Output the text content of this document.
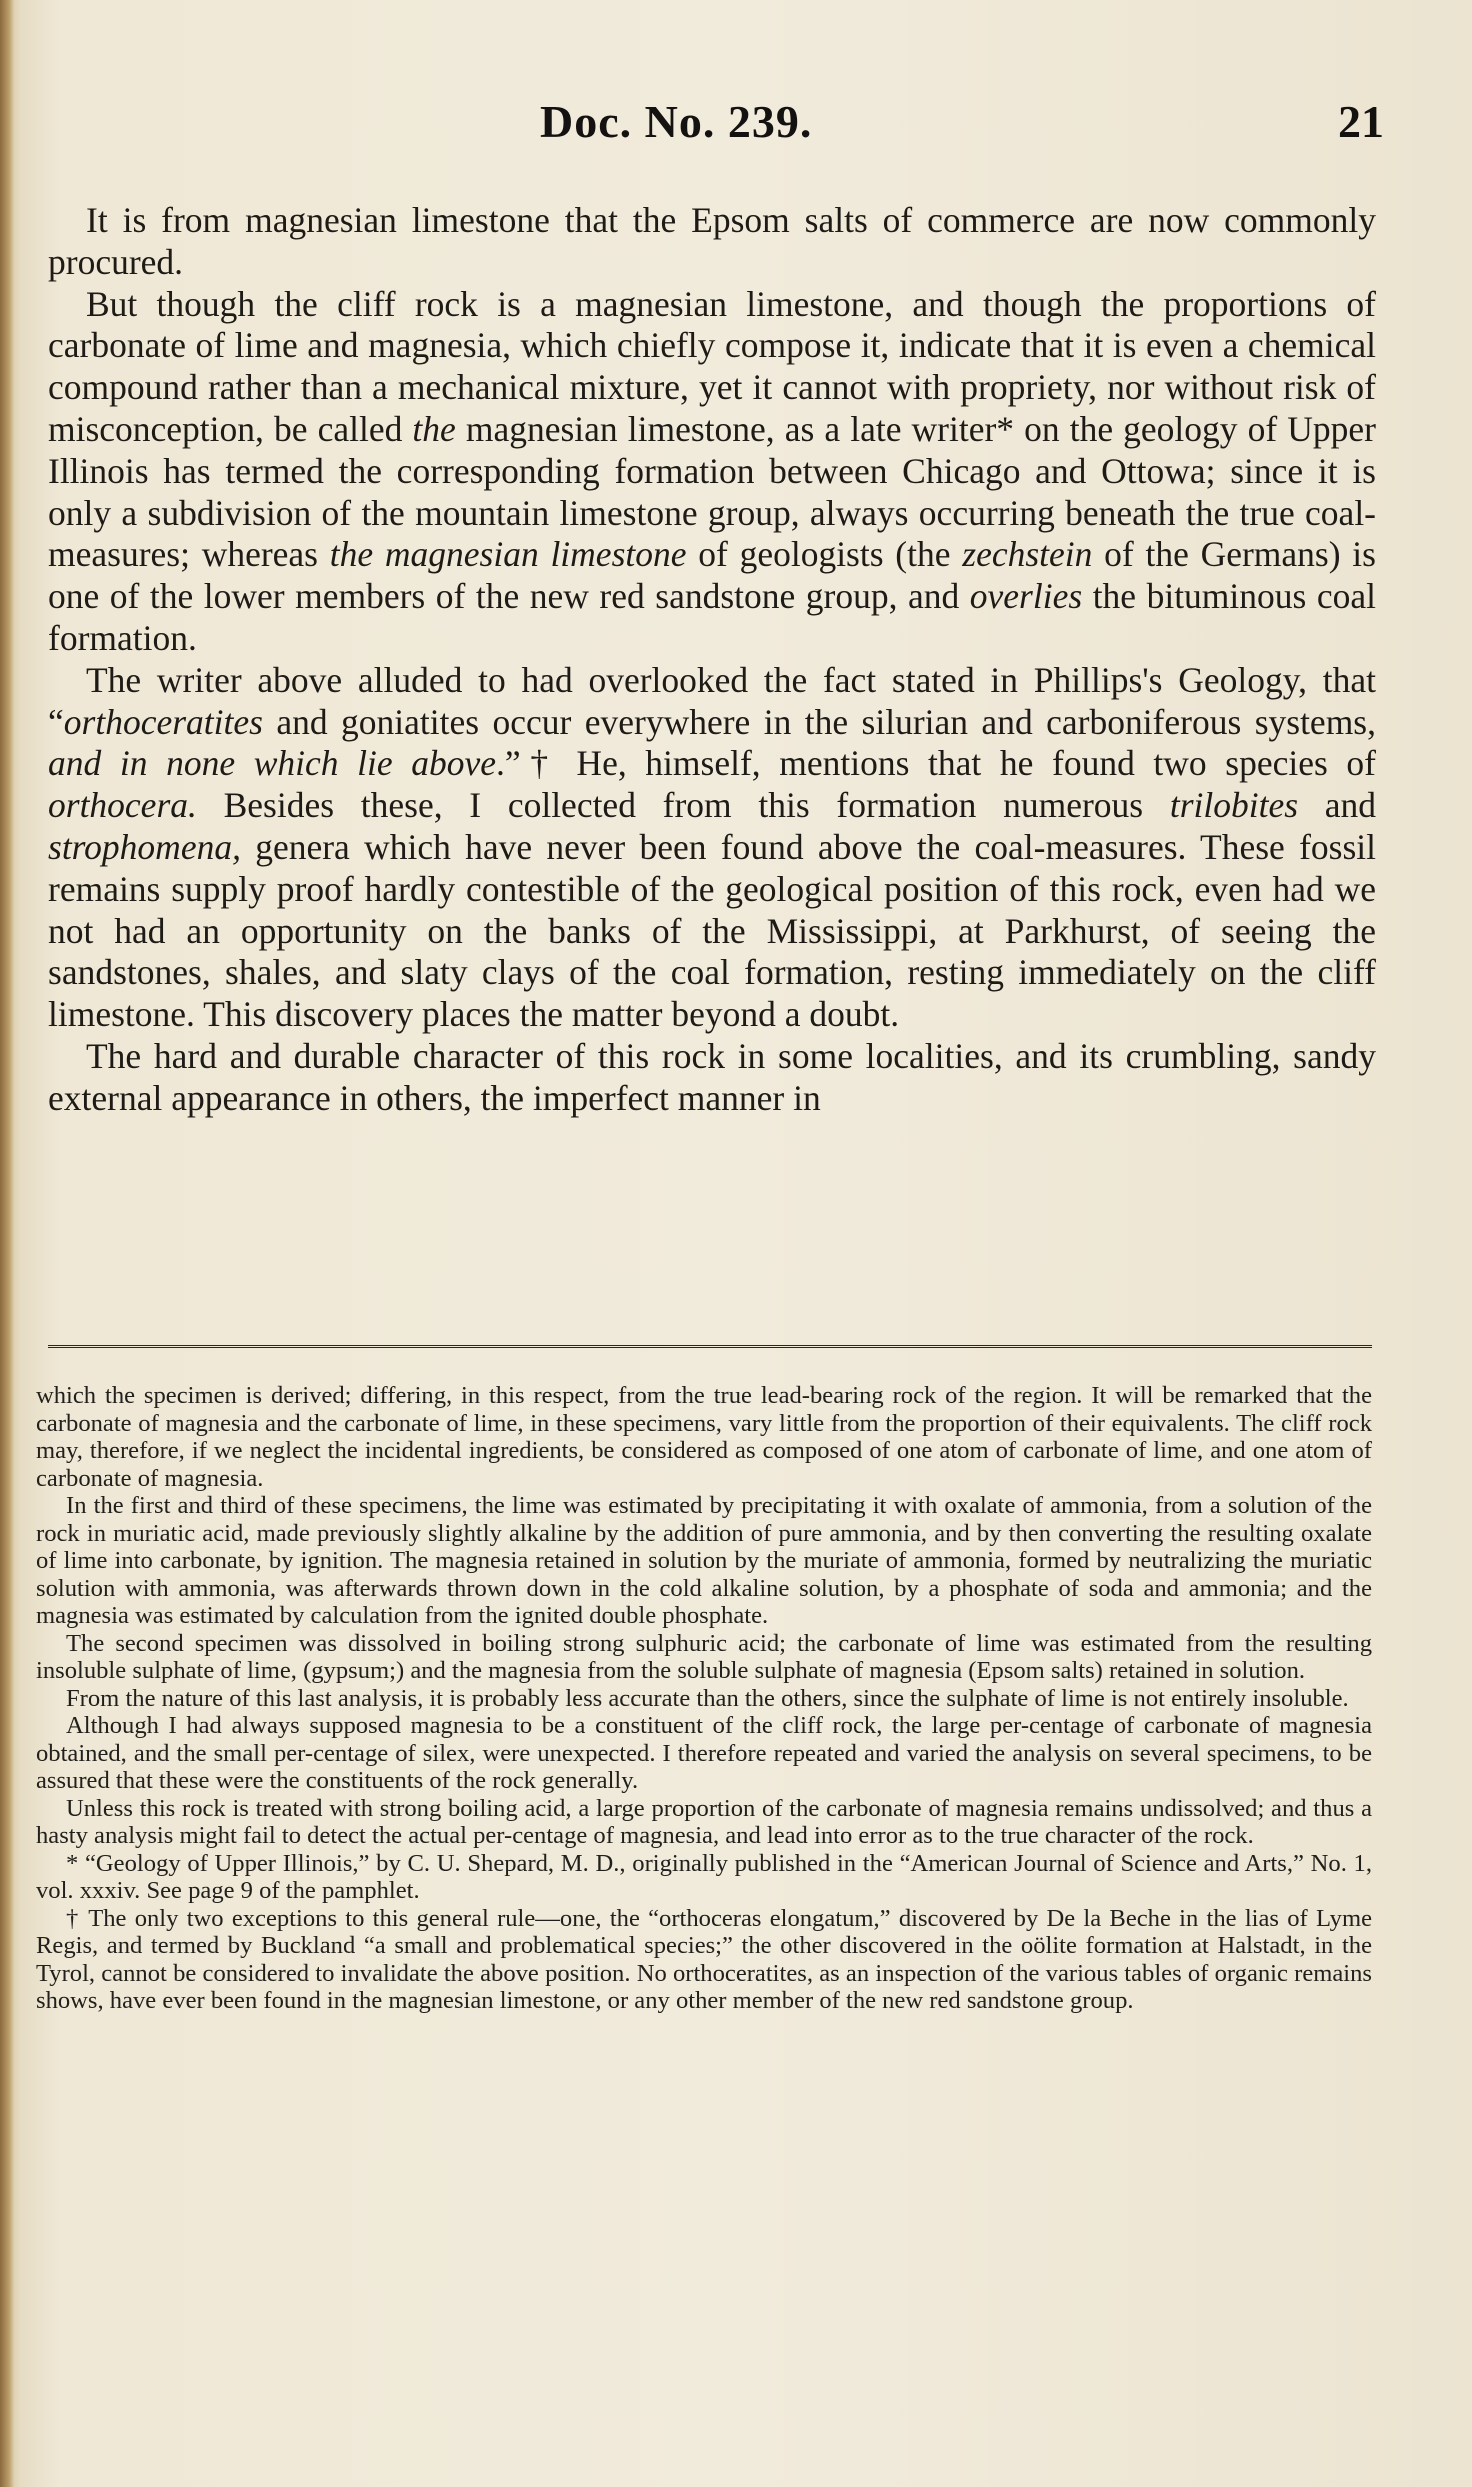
Doc. No. 239.	21

It is from magnesian limestone that the Epsom salts of commerce are now commonly procured.

But though the cliff rock is a magnesian limestone, and though the proportions of carbonate of lime and magnesia, which chiefly compose it, indicate that it is even a chemical compound rather than a mechanical mixture, yet it cannot with propriety, nor without risk of misconception, be called the magnesian limestone, as a late writer* on the geology of Upper Illinois has termed the corresponding formation between Chicago and Ottowa; since it is only a subdivision of the mountain limestone group, always occurring beneath the true coal-measures; whereas the magnesian limestone of geologists (the zechstein of the Germans) is one of the lower members of the new red sandstone group, and overlies the bituminous coal formation.

The writer above alluded to had overlooked the fact stated in Phillips's Geology, that “orthoceratites and goniatites occur everywhere in the silurian and carboniferous systems, and in none which lie above.”† He, himself, mentions that he found two species of orthocera. Besides these, I collected from this formation numerous trilobites and strophomena, genera which have never been found above the coal-measures. These fossil remains supply proof hardly contestible of the geological position of this rock, even had we not had an opportunity on the banks of the Mississippi, at Parkhurst, of seeing the sandstones, shales, and slaty clays of the coal formation, resting immediately on the cliff limestone. This discovery places the matter beyond a doubt.

The hard and durable character of this rock in some localities, and its crumbling, sandy external appearance in others, the imperfect manner in

which the specimen is derived; differing, in this respect, from the true lead-bearing rock of the region. It will be remarked that the carbonate of magnesia and the carbonate of lime, in these specimens, vary little from the proportion of their equivalents. The cliff rock may, therefore, if we neglect the incidental ingredients, be considered as composed of one atom of carbonate of lime, and one atom of carbonate of magnesia.

In the first and third of these specimens, the lime was estimated by precipitating it with oxalate of ammonia, from a solution of the rock in muriatic acid, made previously slightly alkaline by the addition of pure ammonia, and by then converting the resulting oxalate of lime into carbonate, by ignition. The magnesia retained in solution by the muriate of ammonia, formed by neutralizing the muriatic solution with ammonia, was afterwards thrown down in the cold alkaline solution, by a phosphate of soda and ammonia; and the magnesia was estimated by calculation from the ignited double phosphate.

The second specimen was dissolved in boiling strong sulphuric acid; the carbonate of lime was estimated from the resulting insoluble sulphate of lime, (gypsum;) and the magnesia from the soluble sulphate of magnesia (Epsom salts) retained in solution.

From the nature of this last analysis, it is probably less accurate than the others, since the sulphate of lime is not entirely insoluble.

Although I had always supposed magnesia to be a constituent of the cliff rock, the large per-centage of carbonate of magnesia obtained, and the small per-centage of silex, were unexpected. I therefore repeated and varied the analysis on several specimens, to be assured that these were the constituents of the rock generally.

Unless this rock is treated with strong boiling acid, a large proportion of the carbonate of magnesia remains undissolved; and thus a hasty analysis might fail to detect the actual per-centage of magnesia, and lead into error as to the true character of the rock.

* “Geology of Upper Illinois,” by C. U. Shepard, M. D., originally published in the “American Journal of Science and Arts,” No. 1, vol. xxxiv. See page 9 of the pamphlet.

† The only two exceptions to this general rule—one, the “orthoceras elongatum,” discovered by De la Beche in the lias of Lyme Regis, and termed by Buckland “a small and problematical species;” the other discovered in the oölite formation at Halstadt, in the Tyrol, cannot be considered to invalidate the above position. No orthoceratites, as an inspection of the various tables of organic remains shows, have ever been found in the magnesian limestone, or any other member of the new red sandstone group.
